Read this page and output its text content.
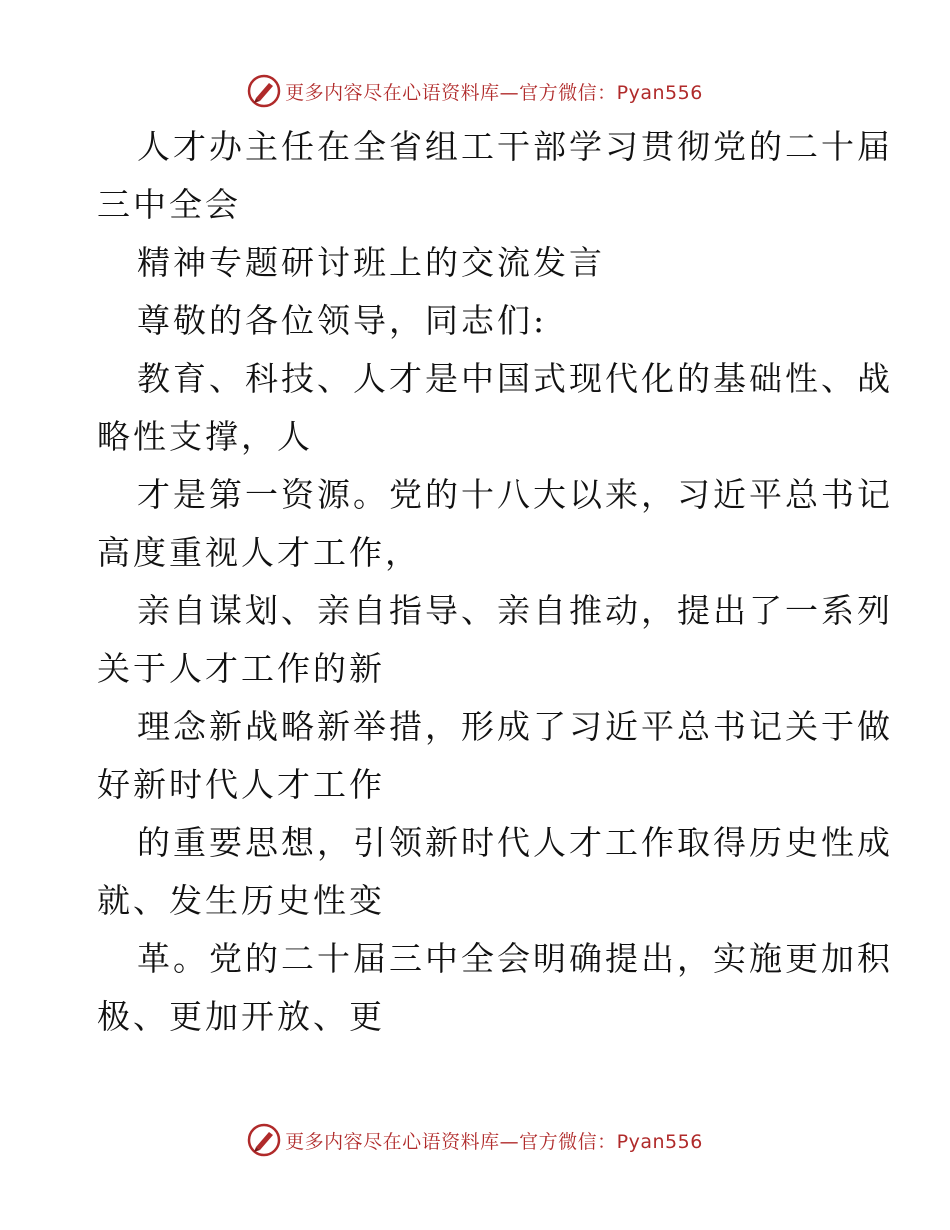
更多内容尽在心语资料库—官方微信：Pyan556
人才办主任在全省组工干部学习贯彻党的二十届
三中全会
精神专题研讨班上的交流发言
尊敬的各位领导，同志们:
教育、科技、人才是中国式现代化的基础性、战
略性支撑，人
才是第一资源。党的十八大以来，习近平总书记
高度重视人才工作，
亲自谋划、亲自指导、亲自推动，提出了一系列
关于人才工作的新
理念新战略新举措，形成了习近平总书记关于做
好新时代人才工作
的重要思想，引领新时代人才工作取得历史性成
就、发生历史性变
革。党的二十届三中全会明确提出，实施更加积
极、更加开放、更
更多内容尽在心语资料库—官方微信：Pyan556
